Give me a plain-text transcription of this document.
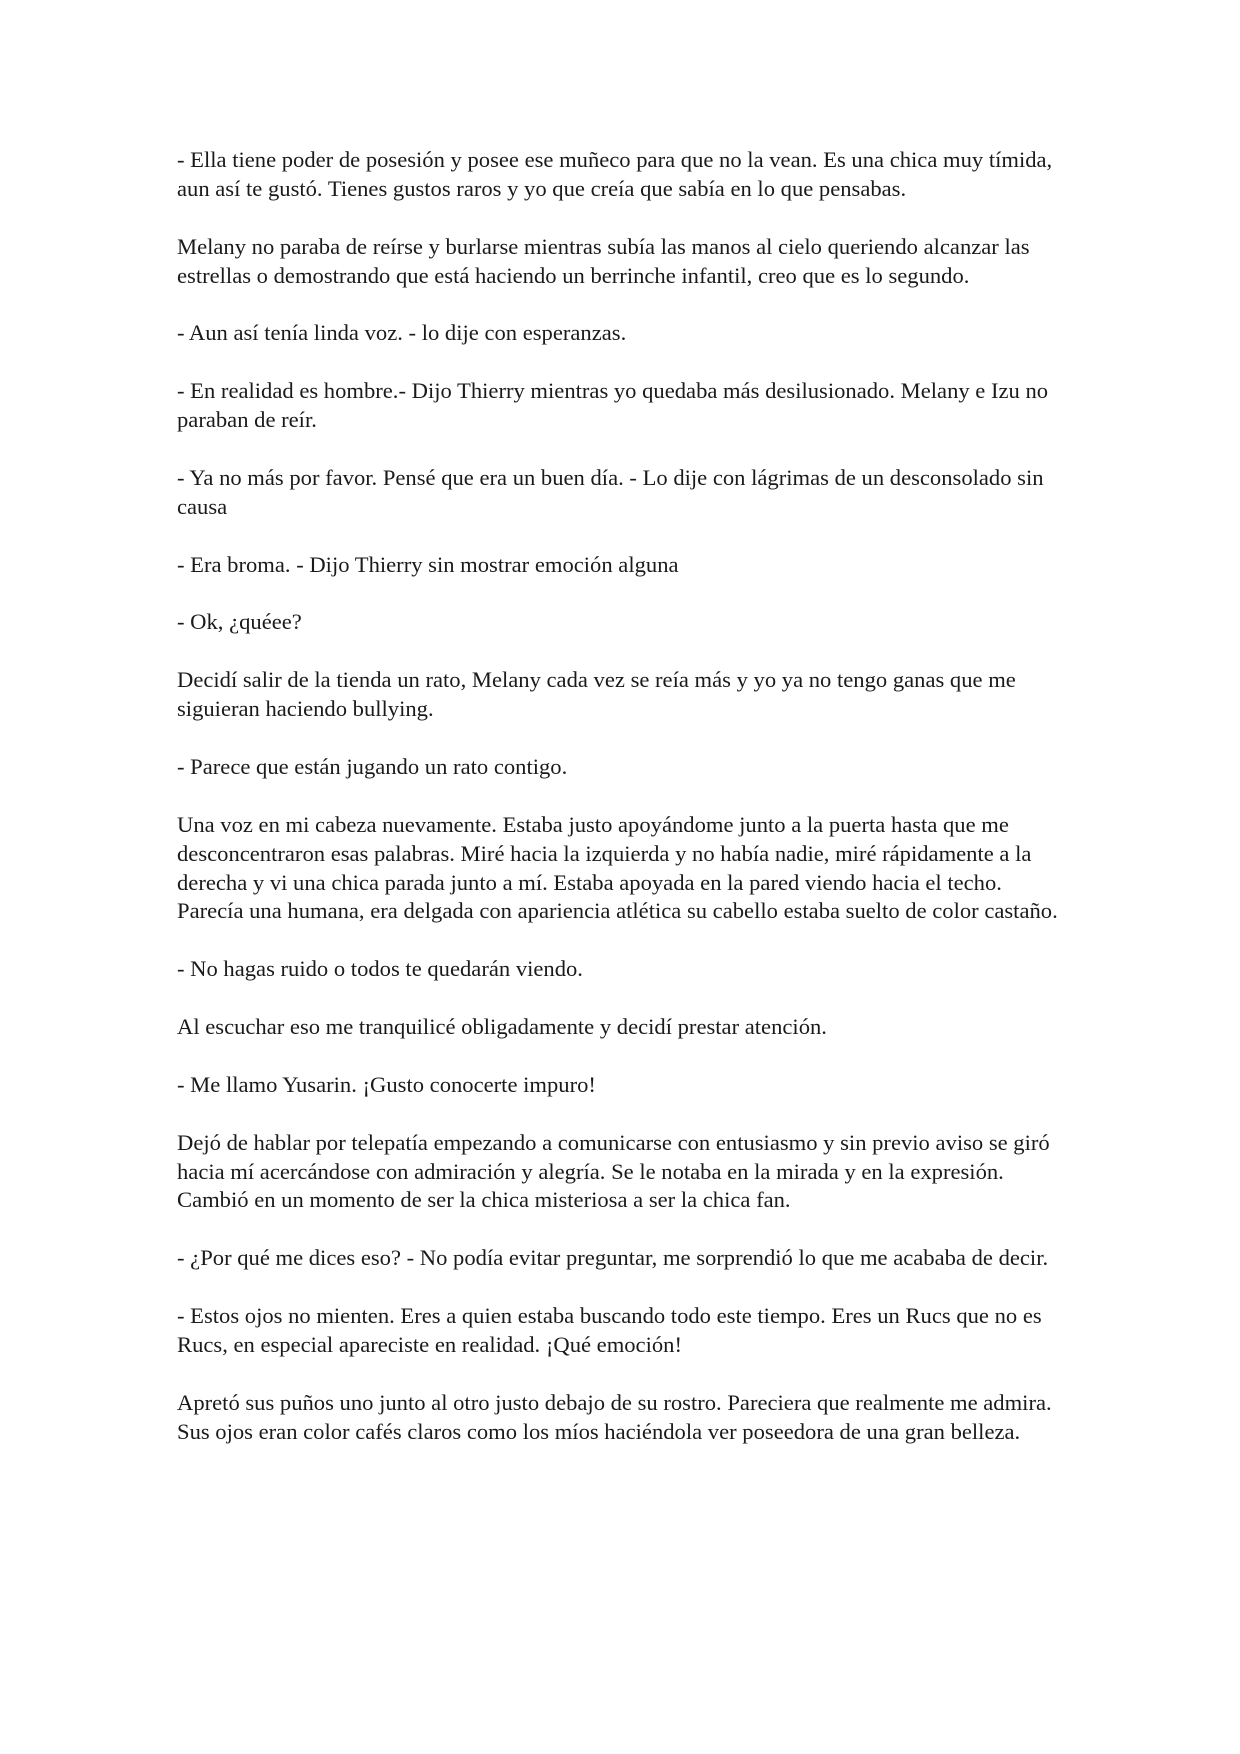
- Ella tiene poder de posesión y posee ese muñeco para que no la vean. Es una chica muy tímida, aun así te gustó. Tienes gustos raros y yo que creía que sabía en lo que pensabas.

Melany no paraba de reírse y burlarse mientras subía las manos al cielo queriendo alcanzar las estrellas o demostrando que está haciendo un berrinche infantil, creo que es lo segundo.

- Aun así tenía linda voz. - lo dije con esperanzas.

- En realidad es hombre.- Dijo Thierry mientras yo quedaba más desilusionado. Melany e Izu no paraban de reír.

- Ya no más por favor. Pensé que era un buen día. - Lo dije con lágrimas de un desconsolado sin causa

- Era broma. - Dijo Thierry sin mostrar emoción alguna

- Ok, ¿quéee?

Decidí salir de la tienda un rato, Melany cada vez se reía más y yo ya no tengo ganas que me siguieran haciendo bullying.

- Parece que están jugando un rato contigo.

Una voz en mi cabeza nuevamente. Estaba justo apoyándome junto a la puerta hasta que me desconcentraron esas palabras. Miré hacia la izquierda y no había nadie, miré rápidamente a la derecha y vi una chica parada junto a mí. Estaba apoyada en la pared viendo hacia el techo. Parecía una humana, era delgada con apariencia atlética su cabello estaba suelto de color castaño.

- No hagas ruido o todos te quedarán viendo.

Al escuchar eso me tranquilicé obligadamente y decidí prestar atención.

- Me llamo Yusarin. ¡Gusto conocerte impuro!

Dejó de hablar por telepatía empezando a comunicarse con entusiasmo y sin previo aviso se giró hacia mí acercándose con admiración y alegría. Se le notaba en la mirada y en la expresión. Cambió en un momento de ser la chica misteriosa a ser la chica fan.

- ¿Por qué me dices eso? - No podía evitar preguntar, me sorprendió lo que me acababa de decir.

- Estos ojos no mienten. Eres a quien estaba buscando todo este tiempo. Eres un Rucs que no es Rucs, en especial apareciste en realidad. ¡Qué emoción!

Apretó sus puños uno junto al otro justo debajo de su rostro. Pareciera que realmente me admira. Sus ojos eran color cafés claros como los míos haciéndola ver poseedora de una gran belleza.
